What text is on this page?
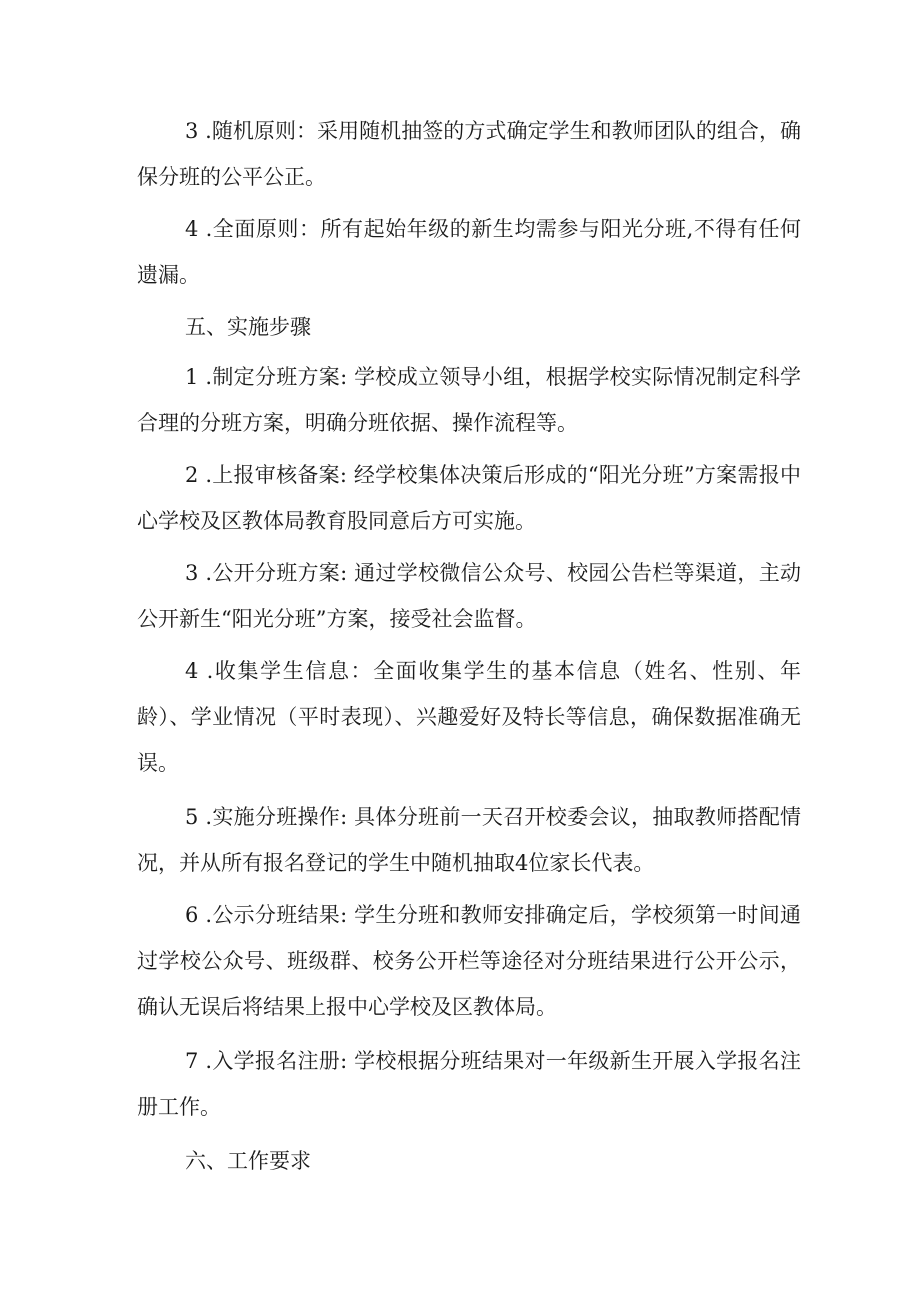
3 .随机原则：采用随机抽签的方式确定学生和教师团队的组合，确保分班的公平公正。

4 .全面原则：所有起始年级的新生均需参与阳光分班,不得有任何遗漏。

五、实施步骤

1 .制定分班方案: 学校成立领导小组，根据学校实际情况制定科学合理的分班方案，明确分班依据、操作流程等。

2 .上报审核备案: 经学校集体决策后形成的“阳光分班”方案需报中心学校及区教体局教育股同意后方可实施。

3 .公开分班方案: 通过学校微信公众号、校园公告栏等渠道，主动公开新生“阳光分班”方案，接受社会监督。

4 .收集学生信息：全面收集学生的基本信息（姓名、性别、年龄）、学业情况（平时表现）、兴趣爱好及特长等信息，确保数据准确无误。

5 .实施分班操作: 具体分班前一天召开校委会议，抽取教师搭配情况，并从所有报名登记的学生中随机抽取4位家长代表。

6 .公示分班结果: 学生分班和教师安排确定后，学校须第一时间通过学校公众号、班级群、校务公开栏等途径对分班结果进行公开公示，确认无误后将结果上报中心学校及区教体局。

7 .入学报名注册: 学校根据分班结果对一年级新生开展入学报名注册工作。

六、工作要求
